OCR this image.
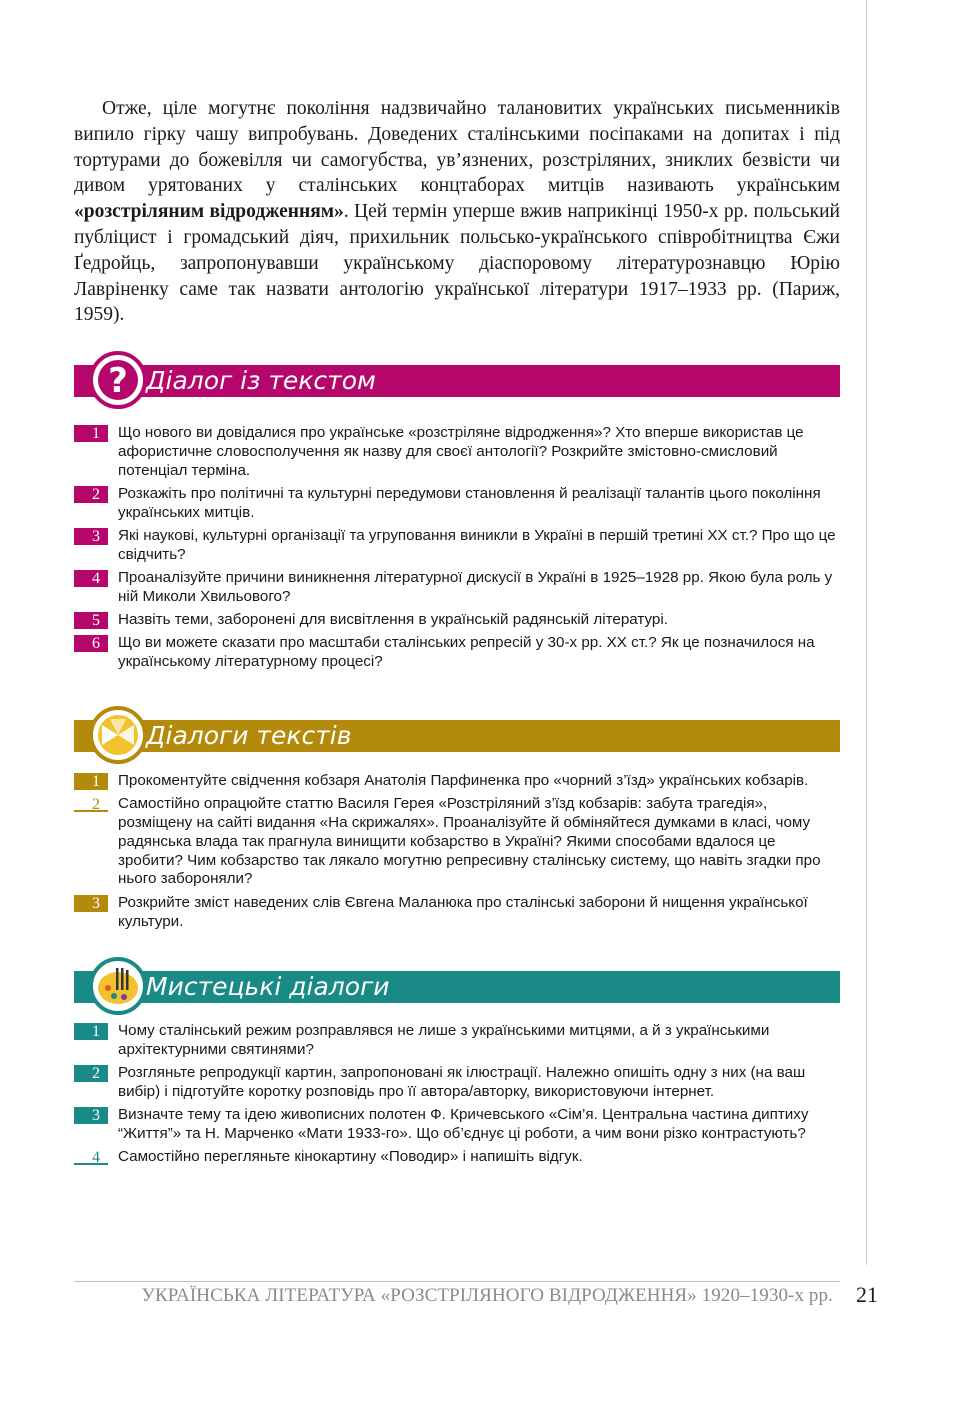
Отже, ціле могутнє покоління надзвичайно талановитих українських письменників випило гірку чашу випробувань. Доведених сталінськими посіпаками на допитах і під тортурами до божевілля чи самогубства, ув’язнених, розстріляних, зниклих безвісти чи дивом урятованих у сталінських концтаборах митців називають українським «розстріляним відродженням». Цей термін уперше вжив наприкінці 1950-х рр. польський публіцист і громадський діяч, прихильник польсько-українського співробітництва Єжи Ґедройць, запропонувавши українському діаспоровому літературознавцю Юрію Лавріненку саме так назвати антологію української літератури 1917–1933 рр. (Париж, 1959).

? Діалог із текстом
1	Що нового ви довідалися про українське «розстріляне відродження»? Хто вперше використав це афористичне словосполучення як назву для своєї антології? Розкрийте змістовно-смисловий потенціал терміна.
2	Розкажіть про політичні та культурні передумови становлення й реалізації талантів цього покоління українських митців.
3	Які наукові, культурні організації та угруповання виникли в Україні в першій третині ХХ ст.? Про що це свідчить?
4	Проаналізуйте причини виникнення літературної дискусії в Україні в 1925–1928 рр. Якою була роль у ній Миколи Хвильового?
5	Назвіть теми, заборонені для висвітлення в українській радянській літературі.
6	Що ви можете сказати про масштаби сталінських репресій у 30-х рр. ХХ ст.? Як це позначилося на українському літературному процесі?
Діалоги текстів
1	Прокоментуйте свідчення кобзаря Анатолія Парфиненка про «чорний з’їзд» українських кобзарів.
2	Самостійно опрацюйте статтю Василя Герея «Розстріляний з’їзд кобзарів: забута трагедія», розміщену на сайті видання «На скрижалях». Проаналізуйте й обміняйтеся думками в класі, чому радянська влада так прагнула винищити кобзарство в Україні? Якими способами вдалося це зробити? Чим кобзарство так лякало могутню репресивну сталінську систему, що навіть згадки про нього забороняли?
3	Розкрийте зміст наведених слів Євгена Маланюка про сталінські заборони й нищення української культури.
Мистецькі діалоги
1	Чому сталінський режим розправлявся не лише з українськими митцями, а й з українськими архітектурними святинями?
2	Розгляньте репродукції картин, запропоновані як ілюстрації. Належно опишіть одну з них (на ваш вибір) і підготуйте коротку розповідь про її автора/авторку, використовуючи інтернет.
3	Визначте тему та ідею живописних полотен Ф. Кричевського «Сім’я. Центральна частина диптиху “Життя”» та Н. Марченко «Мати 1933-го». Що об’єднує ці роботи, а чим вони різко контрастують?
4	Самостійно перегляньте кінокартину «Поводир» і напишіть відгук.
УКРАЇНСЬКА ЛІТЕРАТУРА «РОЗСТРІЛЯНОГО ВІДРОДЖЕННЯ» 1920–1930-х рр. 21
